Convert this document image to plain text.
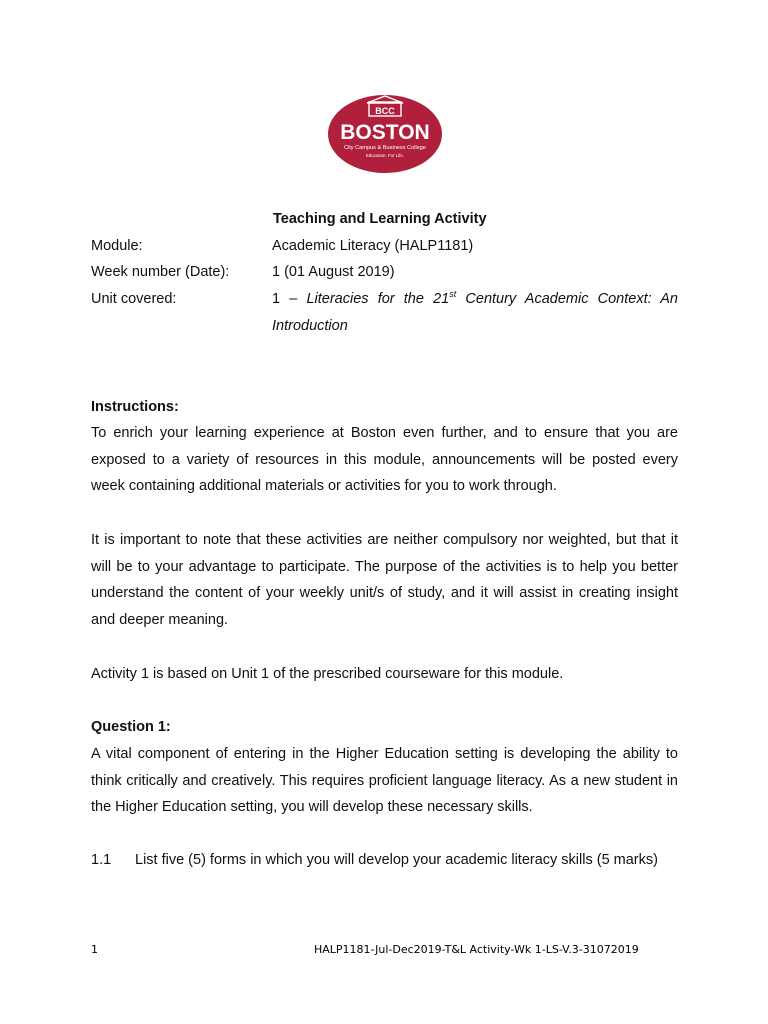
BCC
BOSTON
City Campus & Business College
Education. For Life.
Teaching and Learning Activity
Module:	Academic Literacy (HALP1181)
Week number (Date):	1 (01 August 2019)
Unit covered:	1 – Literacies for the 21st Century Academic Context: An Introduction
Instructions:
To enrich your learning experience at Boston even further, and to ensure that you are exposed to a variety of resources in this module, announcements will be posted every week containing additional materials or activities for you to work through.
It is important to note that these activities are neither compulsory nor weighted, but that it will be to your advantage to participate. The purpose of the activities is to help you better understand the content of your weekly unit/s of study, and it will assist in creating insight and deeper meaning.
Activity 1 is based on Unit 1 of the prescribed courseware for this module.
Question 1:
A vital component of entering in the Higher Education setting is developing the ability to think critically and creatively. This requires proficient language literacy. As a new student in the Higher Education setting, you will develop these necessary skills.
1.1 List five (5) forms in which you will develop your academic literacy skills (5 marks)
1	HALP1181-Jul-Dec2019-T&L Activity-Wk 1-LS-V.3-31072019
